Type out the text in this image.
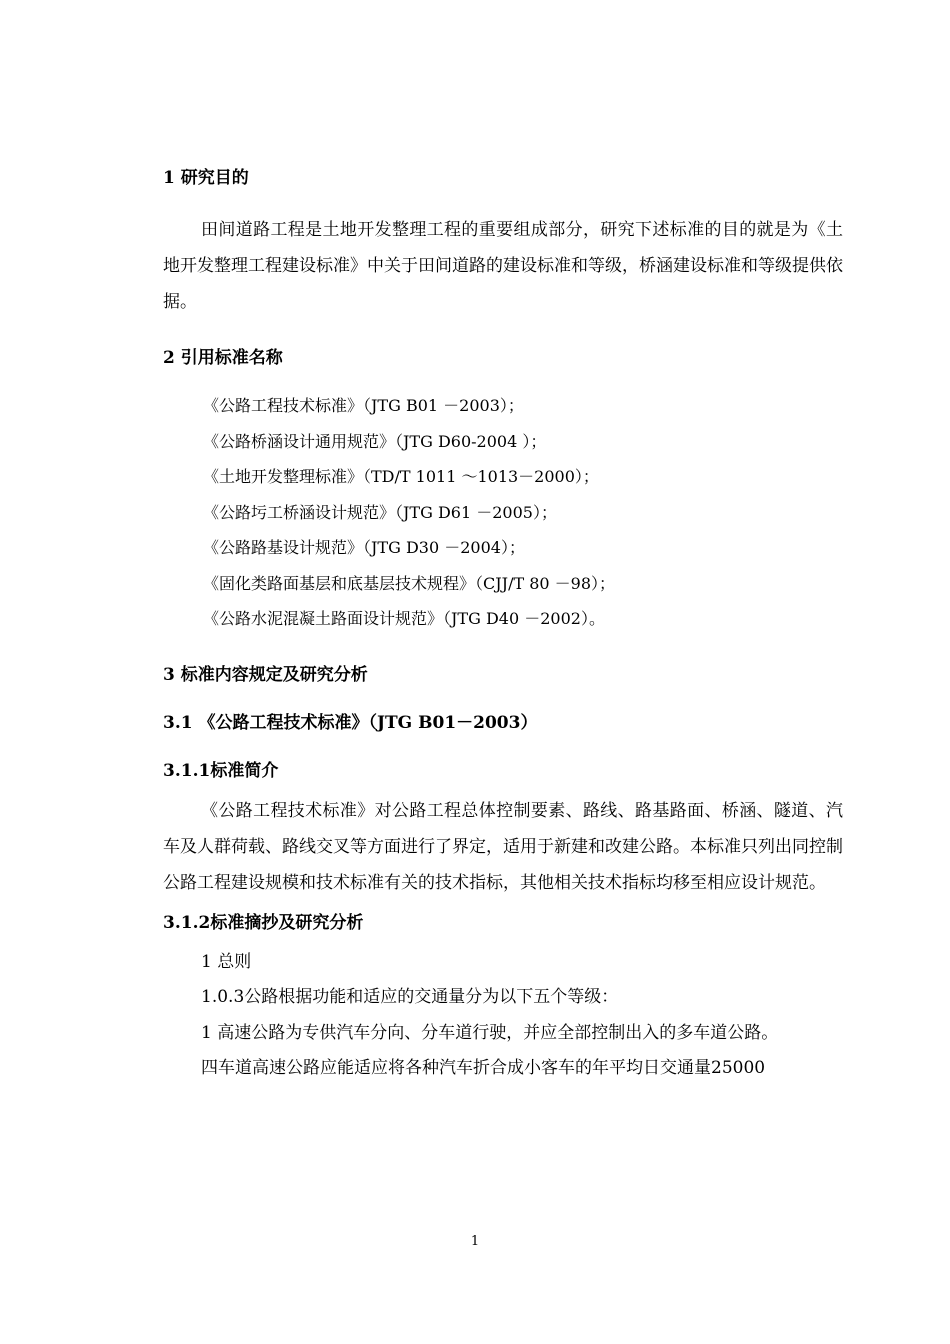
1 研究目的
田间道路工程是土地开发整理工程的重要组成部分，研究下述标准的目的就是为《土地开发整理工程建设标准》中关于田间道路的建设标准和等级，桥涵建设标准和等级提供依据。
2 引用标准名称
《公路工程技术标准》（JTG B01 －2003）；
《公路桥涵设计通用规范》（JTG D60-2004 ）；
《土地开发整理标准》（TD/T 1011 ～1013－2000）；
《公路圬工桥涵设计规范》（JTG D61 －2005）；
《公路路基设计规范》（JTG D30 －2004）；
《固化类路面基层和底基层技术规程》（CJJ/T 80 －98）；
《公路水泥混凝土路面设计规范》（JTG D40 －2002）。
3 标准内容规定及研究分析
3.1 《公路工程技术标准》（JTG B01－2003）
3.1.1标准简介
《公路工程技术标准》对公路工程总体控制要素、路线、路基路面、桥涵、隧道、汽车及人群荷载、路线交叉等方面进行了界定，适用于新建和改建公路。本标准只列出同控制公路工程建设规模和技术标准有关的技术指标，其他相关技术指标均移至相应设计规范。
3.1.2标准摘抄及研究分析
1 总则
1.0.3公路根据功能和适应的交通量分为以下五个等级：
1 高速公路为专供汽车分向、分车道行驶，并应全部控制出入的多车道公路。
四车道高速公路应能适应将各种汽车折合成小客车的年平均日交通量25000
1
